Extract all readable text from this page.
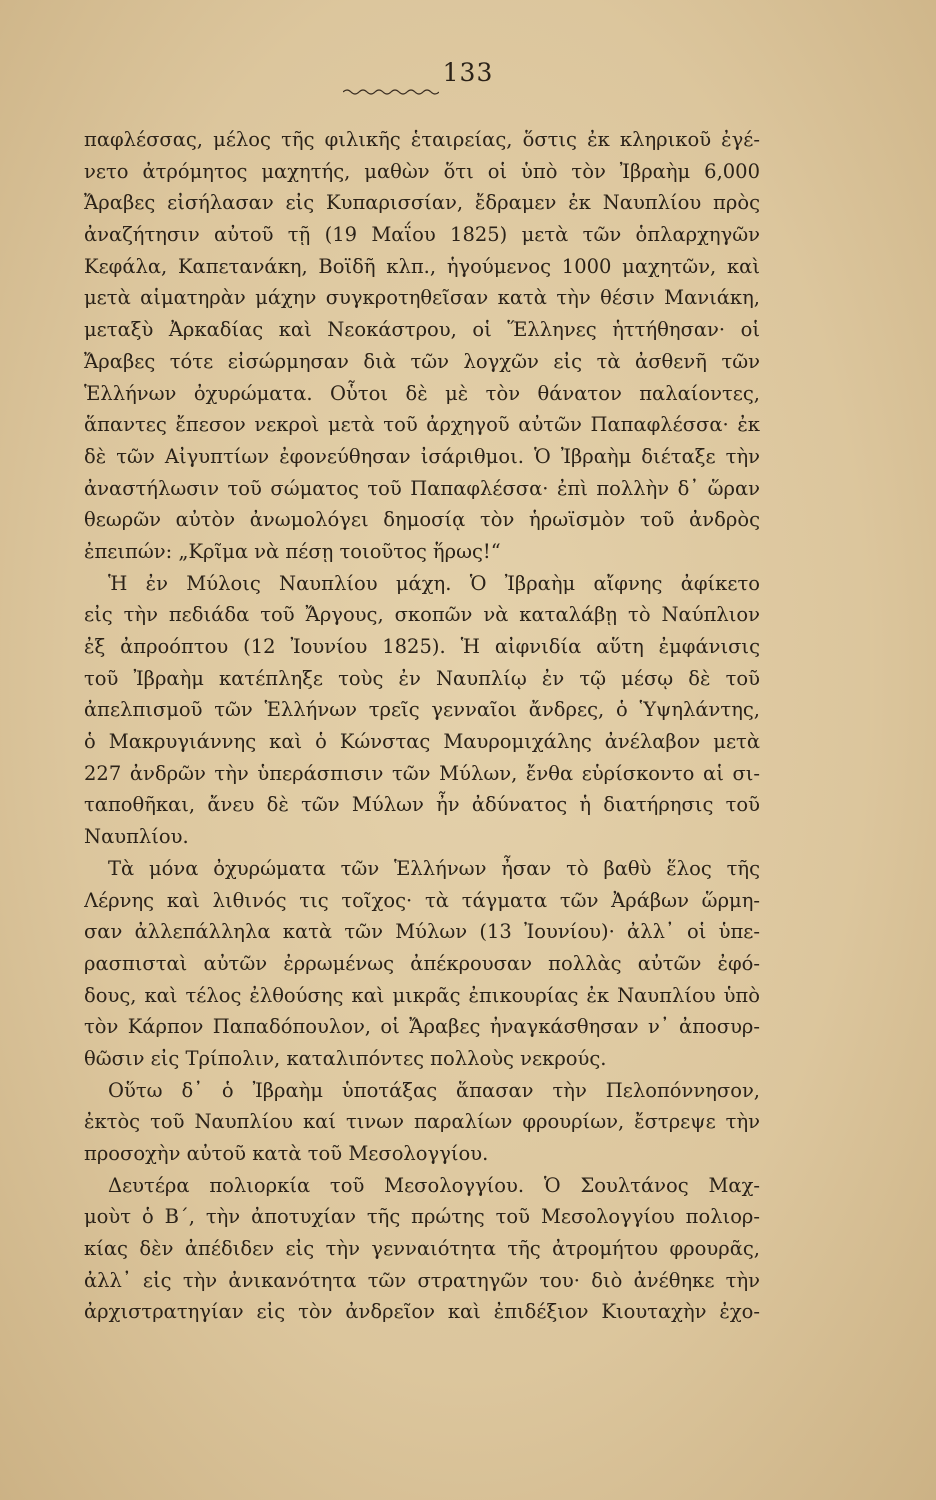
133
παφλέσσας, μέλος τῆς φιλικῆς ἑταιρείας, ὅστις ἐκ κληρικοῦ ἐγέ-
νετο ἀτρόμητος μαχητής, μαθὼν ὅτι οἱ ὑπὸ τὸν Ἰβραὴμ 6,000
Ἄραβες εἰσήλασαν εἰς Κυπαρισσίαν, ἔδραμεν ἐκ Ναυπλίου πρὸς
ἀναζήτησιν αὐτοῦ τῇ (19 Μαΐου 1825) μετὰ τῶν ὁπλαρχηγῶν
Κεφάλα, Καπετανάκη, Βοϊδῆ κλπ., ἡγούμενος 1000 μαχητῶν, καὶ
μετὰ αἱματηρὰν μάχην συγκροτηθεῖσαν κατὰ τὴν θέσιν Μανιάκη,
μεταξὺ Ἀρκαδίας καὶ Νεοκάστρου, οἱ Ἕλληνες ἡττήθησαν· οἱ
Ἄραβες τότε εἰσώρμησαν διὰ τῶν λογχῶν εἰς τὰ ἀσθενῆ τῶν
Ἑλλήνων ὀχυρώματα. Οὗτοι δὲ μὲ τὸν θάνατον παλαίοντες,
ἅπαντες ἔπεσον νεκροὶ μετὰ τοῦ ἀρχηγοῦ αὐτῶν Παπαφλέσσα· ἐκ
δὲ τῶν Αἰγυπτίων ἐφονεύθησαν ἰσάριθμοι. Ὁ Ἰβραὴμ διέταξε τὴν
ἀναστήλωσιν τοῦ σώματος τοῦ Παπαφλέσσα· ἐπὶ πολλὴν δ᾽ ὥραν
θεωρῶν αὐτὸν ἀνωμολόγει δημοσίᾳ τὸν ἡρωϊσμὸν τοῦ ἀνδρὸς
ἐπειπών: „Κρῖμα νὰ πέσῃ τοιοῦτος ἥρως!“
Ἡ ἐν Μύλοις Ναυπλίου μάχη. Ὁ Ἰβραὴμ αἴφνης ἀφίκετο
εἰς τὴν πεδιάδα τοῦ Ἄργους, σκοπῶν νὰ καταλάβῃ τὸ Ναύπλιον
ἐξ ἀπροόπτου (12 Ἰουνίου 1825). Ἡ αἰφνιδία αὕτη ἐμφάνισις
τοῦ Ἰβραὴμ κατέπληξε τοὺς ἐν Ναυπλίῳ ἐν τῷ μέσῳ δὲ τοῦ
ἀπελπισμοῦ τῶν Ἑλλήνων τρεῖς γενναῖοι ἄνδρες, ὁ Ὑψηλάντης,
ὁ Μακρυγιάννης καὶ ὁ Κώνστας Μαυρομιχάλης ἀνέλαβον μετὰ
227 ἀνδρῶν τὴν ὑπεράσπισιν τῶν Μύλων, ἔνθα εὑρίσκοντο αἱ σι-
ταποθῆκαι, ἄνευ δὲ τῶν Μύλων ἦν ἀδύνατος ἡ διατήρησις τοῦ
Ναυπλίου.
Τὰ μόνα ὀχυρώματα τῶν Ἑλλήνων ἦσαν τὸ βαθὺ ἕλος τῆς
Λέρνης καὶ λιθινός τις τοῖχος· τὰ τάγματα τῶν Ἀράβων ὥρμη-
σαν ἀλλεπάλληλα κατὰ τῶν Μύλων (13 Ἰουνίου)· ἀλλ᾽ οἱ ὑπε-
ρασπισταὶ αὐτῶν ἐρρωμένως ἀπέκρουσαν πολλὰς αὐτῶν ἐφό-
δους, καὶ τέλος ἐλθούσης καὶ μικρᾶς ἐπικουρίας ἐκ Ναυπλίου ὑπὸ
τὸν Κάρπον Παπαδόπουλον, οἱ Ἄραβες ἠναγκάσθησαν ν᾽ ἀποσυρ-
θῶσιν εἰς Τρίπολιν, καταλιπόντες πολλοὺς νεκρούς.
Οὕτω δ᾽ ὁ Ἰβραὴμ ὑποτάξας ἅπασαν τὴν Πελοπόννησον,
ἐκτὸς τοῦ Ναυπλίου καί τινων παραλίων φρουρίων, ἔστρεψε τὴν
προσοχὴν αὐτοῦ κατὰ τοῦ Μεσολογγίου.
Δευτέρα πολιορκία τοῦ Μεσολογγίου. Ὁ Σουλτάνος Μαχ-
μοὺτ ὁ Β΄, τὴν ἀποτυχίαν τῆς πρώτης τοῦ Μεσολογγίου πολιορ-
κίας δὲν ἀπέδιδεν εἰς τὴν γενναιότητα τῆς ἀτρομήτου φρουρᾶς,
ἀλλ᾽ εἰς τὴν ἀνικανότητα τῶν στρατηγῶν του· διὸ ἀνέθηκε τὴν
ἀρχιστρατηγίαν εἰς τὸν ἀνδρεῖον καὶ ἐπιδέξιον Κιουταχὴν ἐχο-
